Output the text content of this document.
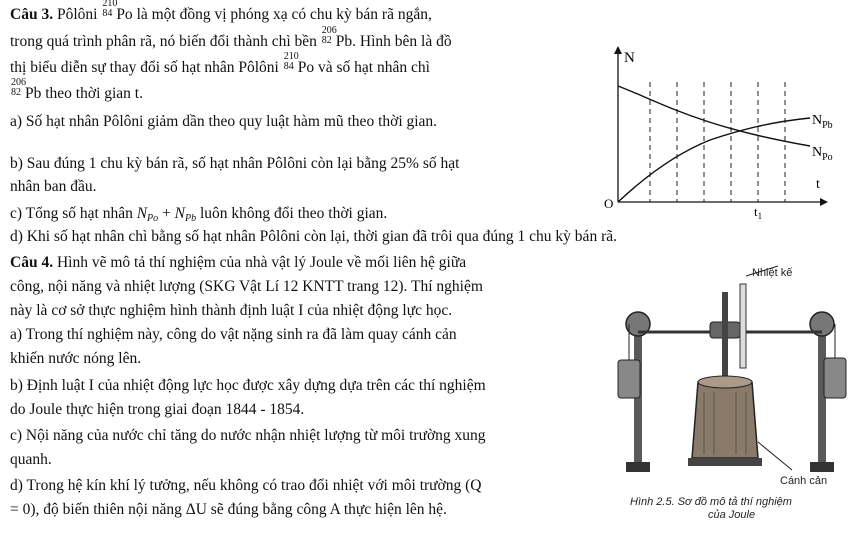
Câu 3. Pôlôni
210
84 Po là một đồng vị phóng xạ có chu kỳ bán rã ngắn,
trong quá trình phân rã, nó biến đổi thành chì bền
206
82 Pb. Hình bên là đồ
thị biểu diễn sự thay đổi số hạt nhân Pôlôni
210
84 Po và số hạt nhân chì
206
82 Pb theo thời gian t.
a) Số hạt nhân Pôlôni giảm dần theo quy luật hàm mũ theo thời gian.
b) Sau đúng 1 chu kỳ bán rã, số hạt nhân Pôlôni còn lại bằng 25% số hạt
nhân ban đầu.
c) Tổng số hạt nhân $N_{Po} + N_{Pb}$ luôn không đổi theo thời gian.
d) Khi số hạt nhân chì bằng số hạt nhân Pôlôni còn lại, thời gian đã trôi qua đúng 1 chu kỳ bán rã.
N
$N_{Pb}$
$N_{Po}$
t
O
$t_1$
Câu 4. Hình vẽ mô tả thí nghiệm của nhà vật lý Joule về mối liên hệ giữa
công, nội năng và nhiệt lượng (SKG Vật Lí 12 KNTT trang 12). Thí nghiệm
này là cơ sở thực nghiệm hình thành định luật I của nhiệt động lực học.
a) Trong thí nghiệm này, công do vật nặng sinh ra đã làm quay cánh cản
khiến nước nóng lên.
b) Định luật I của nhiệt động lực học được xây dựng dựa trên các thí nghiệm
do Joule thực hiện trong giai đoạn 1844 - 1854.
c) Nội năng của nước chỉ tăng do nước nhận nhiệt lượng từ môi trường xung
quanh.
d) Trong hệ kín khí lý tưởng, nếu không có trao đổi nhiệt với môi trường (Q
= 0), độ biến thiên nội năng ΔU sẽ đúng bằng công A thực hiện lên hệ.
Nhiệt kế
Cánh cản
Hình 2.5. Sơ đồ mô tả thí nghiệm
của Joule
